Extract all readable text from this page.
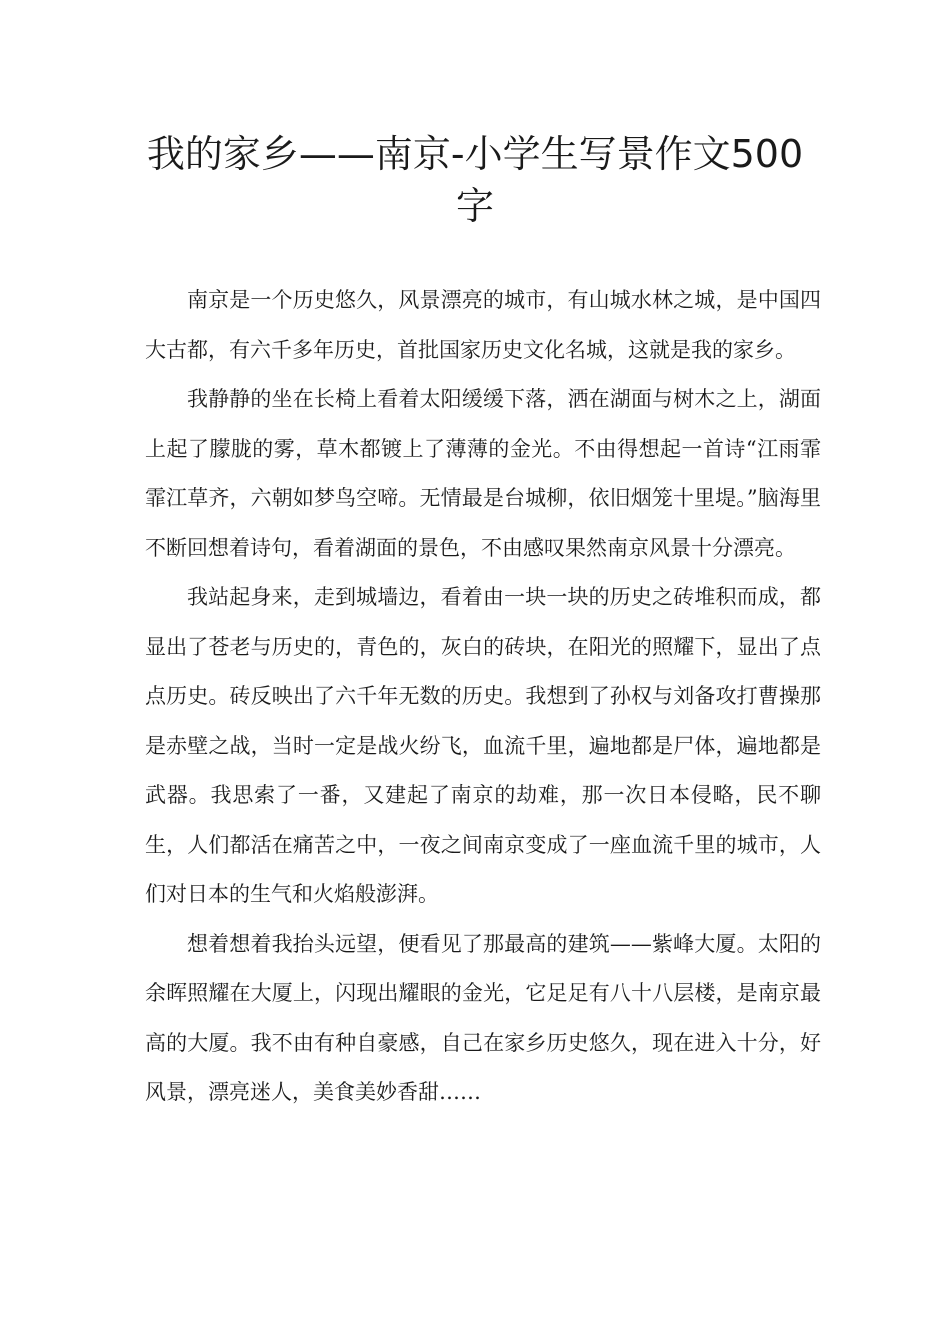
我的家乡——南京-小学生写景作文500
字

南京是一个历史悠久，风景漂亮的城市，有山城水林之城，是中国四大古都，有六千多年历史，首批国家历史文化名城，这就是我的家乡。

我静静的坐在长椅上看着太阳缓缓下落，洒在湖面与树木之上，湖面上起了朦胧的雾，草木都镀上了薄薄的金光。不由得想起一首诗“江雨霏霏江草齐，六朝如梦鸟空啼。无情最是台城柳，依旧烟笼十里堤。”脑海里不断回想着诗句，看着湖面的景色，不由感叹果然南京风景十分漂亮。

我站起身来，走到城墙边，看着由一块一块的历史之砖堆积而成，都显出了苍老与历史的，青色的，灰白的砖块，在阳光的照耀下，显出了点点历史。砖反映出了六千年无数的历史。我想到了孙权与刘备攻打曹操那是赤壁之战，当时一定是战火纷飞，血流千里，遍地都是尸体，遍地都是武器。我思索了一番，又建起了南京的劫难，那一次日本侵略，民不聊生，人们都活在痛苦之中，一夜之间南京变成了一座血流千里的城市，人们对日本的生气和火焰般澎湃。

想着想着我抬头远望，便看见了那最高的建筑——紫峰大厦。太阳的余晖照耀在大厦上，闪现出耀眼的金光，它足足有八十八层楼，是南京最高的大厦。我不由有种自豪感，自己在家乡历史悠久，现在进入十分，好风景，漂亮迷人，美食美妙香甜……
